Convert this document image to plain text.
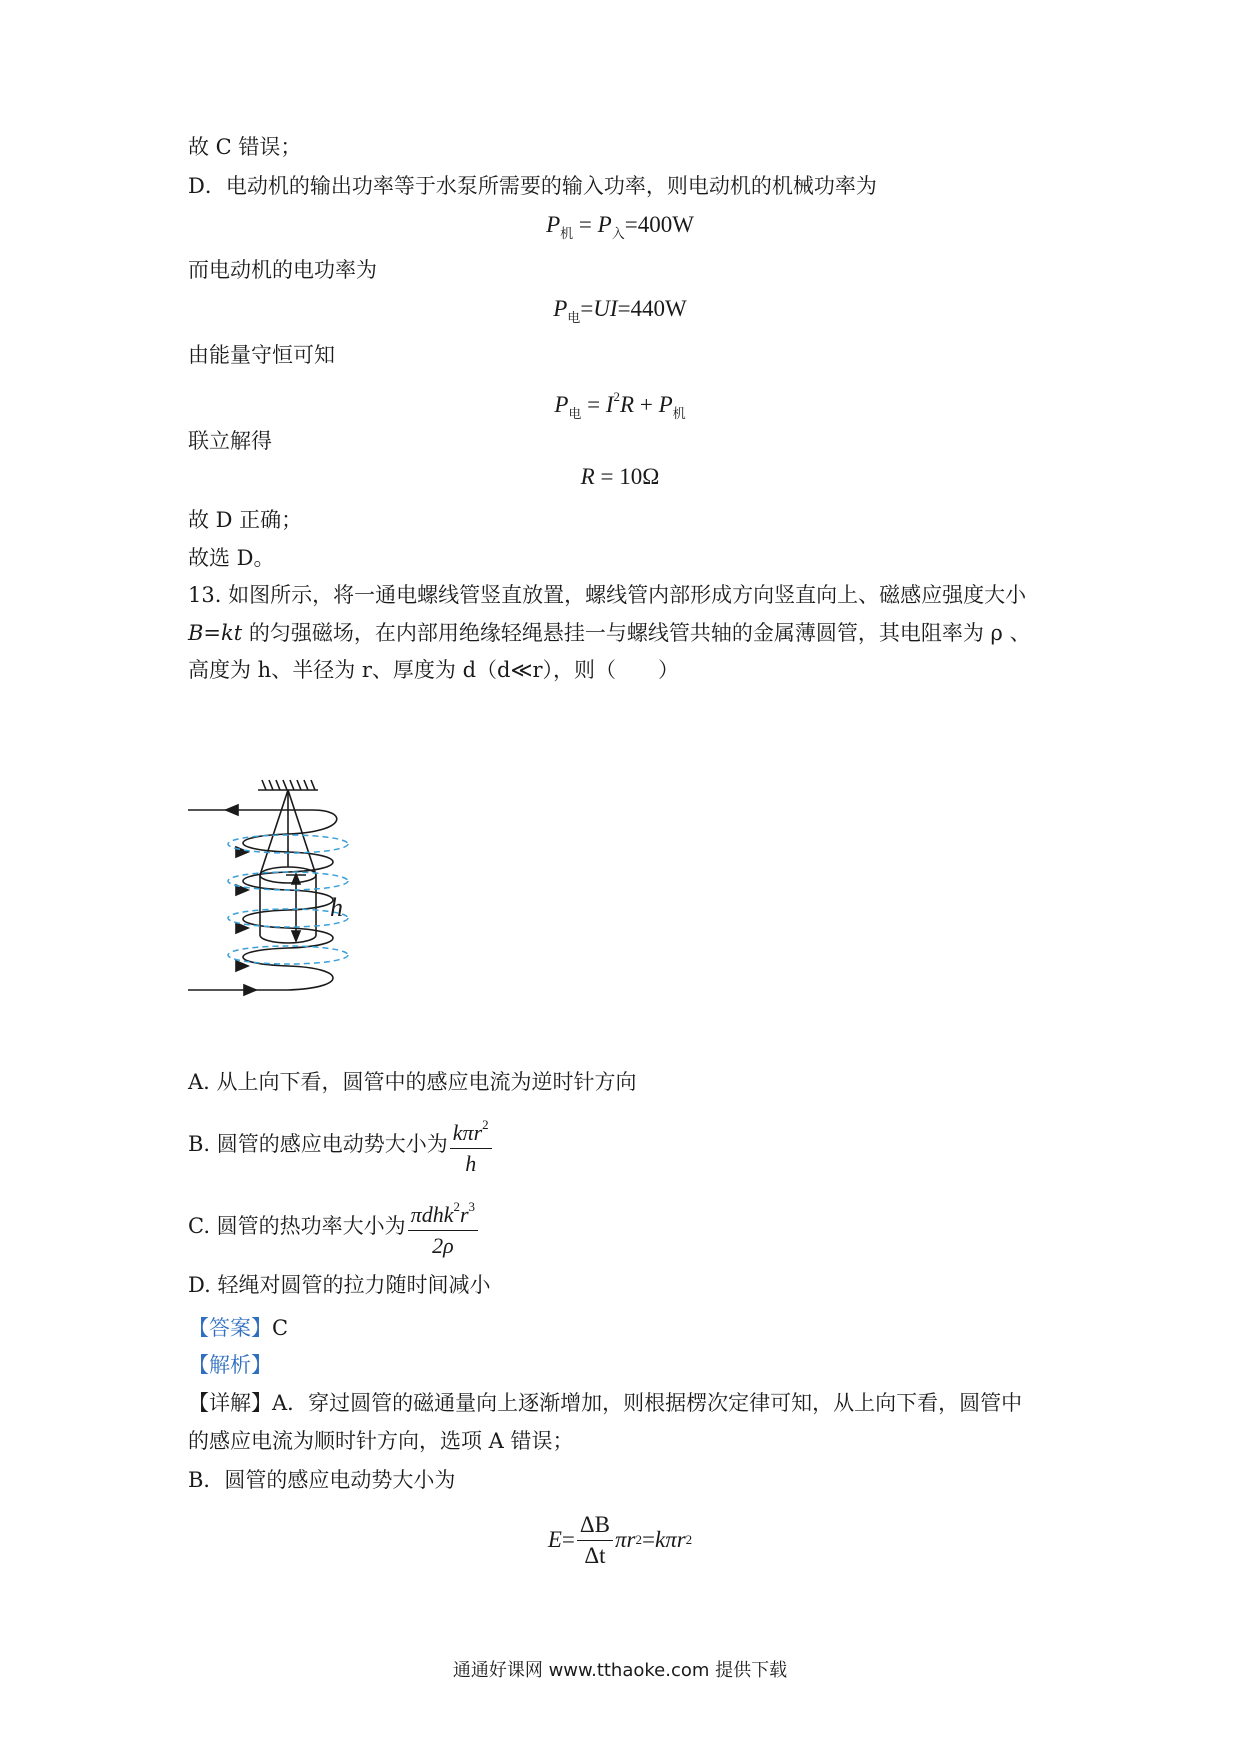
故 C 错误；
D．电动机的输出功率等于水泵所需要的输入功率，则电动机的机械功率为
$P_机 = P_入=400W$
而电动机的电功率为
$P_电=UI=440W$
由能量守恒可知
$P_电 = I^2R + P_机$
联立解得
R = 10Ω
故 D 正确；
故选 D。
13. 如图所示，将一通电螺线管竖直放置，螺线管内部形成方向竖直向上、磁感应强度大小
B=kt 的匀强磁场，在内部用绝缘轻绳悬挂一与螺线管共轴的金属薄圆管，其电阻率为 ρ 、
高度为 h、半径为 r、厚度为 d（d≪r），则（　　）
h
A. 从上向下看，圆管中的感应电流为逆时针方向
B. 圆管的感应电动势大小为 $\frac{k\pi r^2}{h}$
C. 圆管的热功率大小为 $\frac{\pi dhk^2r^3}{2\rho}$
D. 轻绳对圆管的拉力随时间减小
【答案】C
【解析】
【详解】A．穿过圆管的磁通量向上逐渐增加，则根据楞次定律可知，从上向下看，圆管中
的感应电流为顺时针方向，选项 A 错误；
B．圆管的感应电动势大小为
$E = \frac{\Delta B}{\Delta t}$ πr 2 = kπr 2
通通好课网 www.tthaoke.com 提供下载
